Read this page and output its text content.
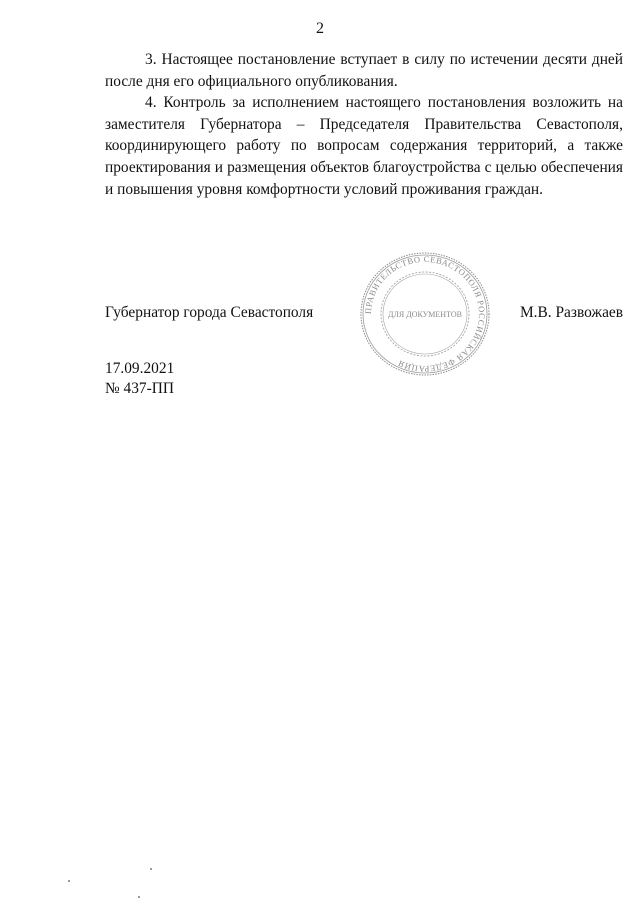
2

3. Настоящее постановление вступает в силу по истечении десяти дней после дня его официального опубликования.

4. Контроль за исполнением настоящего постановления возложить на заместителя Губернатора – Председателя Правительства Севастополя, координирующего работу по вопросам содержания территорий, а также проектирования и размещения объектов благоустройства с целью обеспечения и повышения уровня комфортности условий проживания граждан.

Губернатор города Севастополя	М.В. Развожаев
ПРАВИТЕЛЬСТВО СЕВАСТОПОЛЯ РОССИЙСКАЯ ФЕДЕРАЦИЯ
ДЛЯ ДОКУМЕНТОВ
17.09.2021
№ 437-ПП
